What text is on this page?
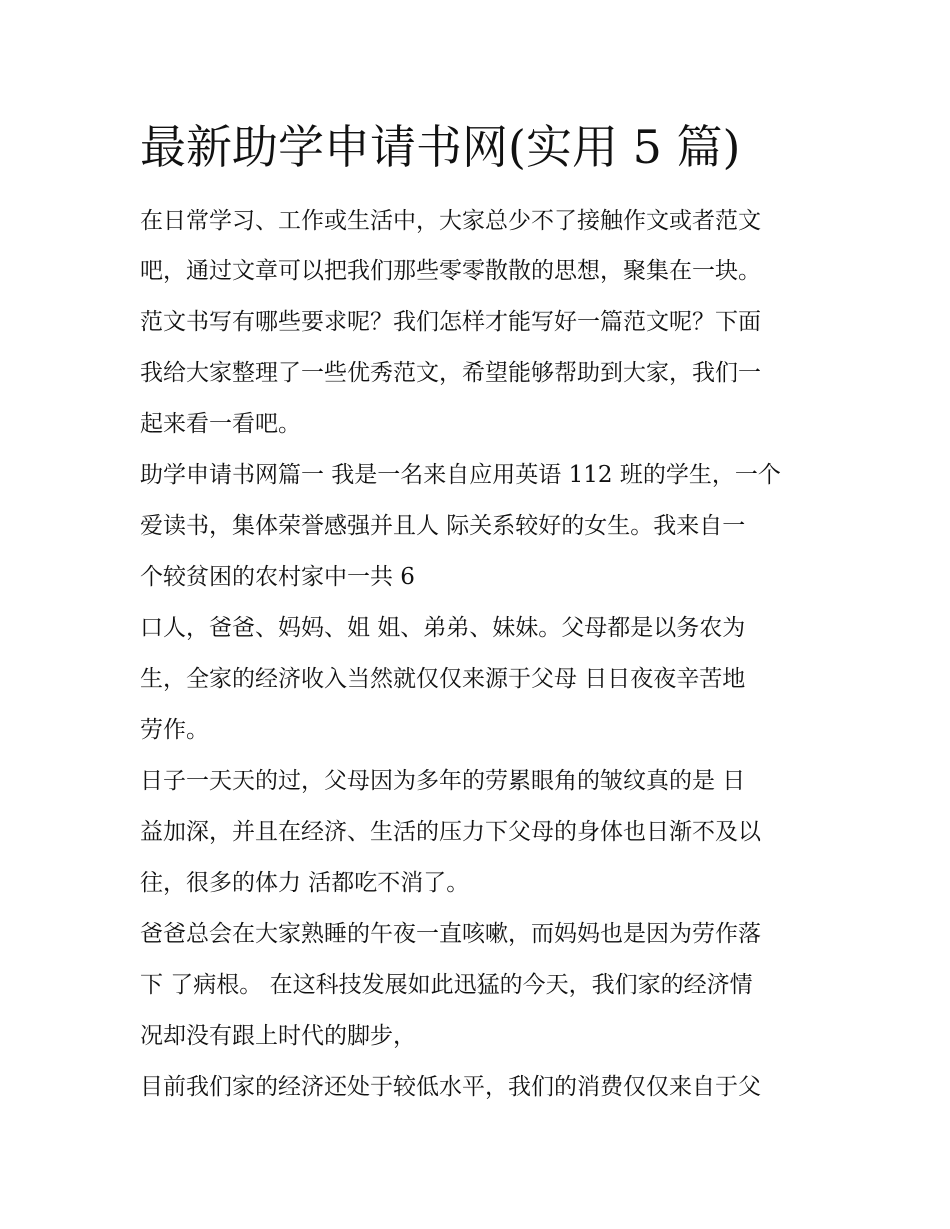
最新助学申请书网(实用 5 篇)

在日常学习、工作或生活中，大家总少不了接触作文或者范文

吧，通过文章可以把我们那些零零散散的思想，聚集在一块。

范文书写有哪些要求呢？我们怎样才能写好一篇范文呢？下面

我给大家整理了一些优秀范文，希望能够帮助到大家，我们一

起来看一看吧。

助学申请书网篇一 我是一名来自应用英语 112 班的学生，一个

爱读书，集体荣誉感强并且人 际关系较好的女生。我来自一

个较贫困的农村家中一共 6

口人，爸爸、妈妈、姐 姐、弟弟、妹妹。父母都是以务农为

生，全家的经济收入当然就仅仅来源于父母 日日夜夜辛苦地

劳作。

日子一天天的过，父母因为多年的劳累眼角的皱纹真的是 日

益加深，并且在经济、生活的压力下父母的身体也日渐不及以

往，很多的体力 活都吃不消了。

爸爸总会在大家熟睡的午夜一直咳嗽，而妈妈也是因为劳作落

下 了病根。 在这科技发展如此迅猛的今天，我们家的经济情

况却没有跟上时代的脚步，

目前我们家的经济还处于较低水平，我们的消费仅仅来自于父
